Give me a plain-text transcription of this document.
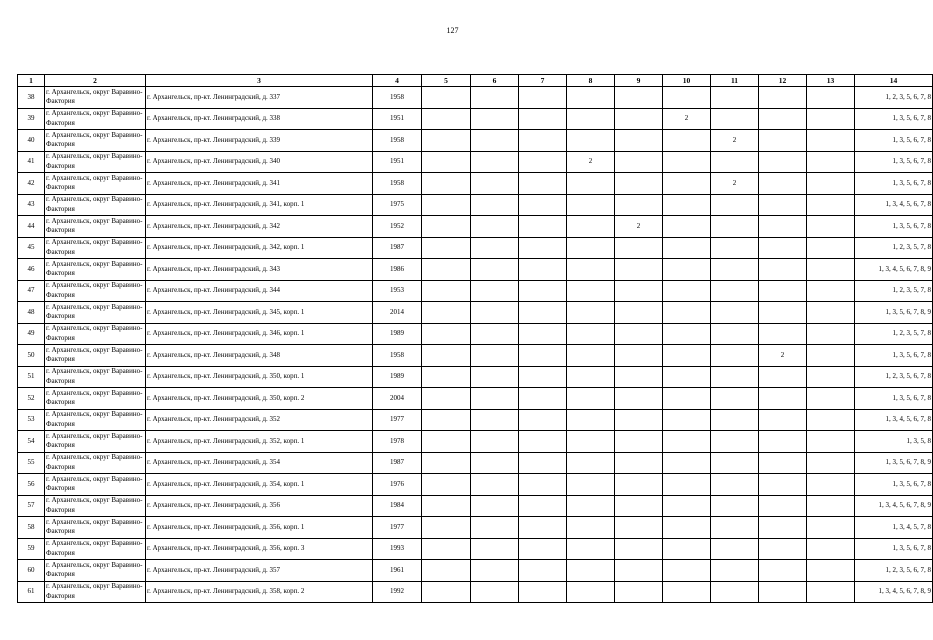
127
1	2	3	4	5	6	7	8	9	10	11	12	13	14
38	г. Архангельск, округ Варавино-Фактория	г. Архангельск, пр-кт. Ленинградский, д. 337	1958										1, 2, 3, 5, 6, 7, 8
39	г. Архангельск, округ Варавино-Фактория	г. Архангельск, пр-кт. Ленинградский, д. 338	1951						2				1, 3, 5, 6, 7, 8
40	г. Архангельск, округ Варавино-Фактория	г. Архангельск, пр-кт. Ленинградский, д. 339	1958							2			1, 3, 5, 6, 7, 8
41	г. Архангельск, округ Варавино-Фактория	г. Архангельск, пр-кт. Ленинградский, д. 340	1951				2						1, 3, 5, 6, 7, 8
42	г. Архангельск, округ Варавино-Фактория	г. Архангельск, пр-кт. Ленинградский, д. 341	1958							2			1, 3, 5, 6, 7, 8
43	г. Архангельск, округ Варавино-Фактория	г. Архангельск, пр-кт. Ленинградский, д. 341, корп. 1	1975										1, 3, 4, 5, 6, 7, 8
44	г. Архангельск, округ Варавино-Фактория	г. Архангельск, пр-кт. Ленинградский, д. 342	1952					2					1, 3, 5, 6, 7, 8
45	г. Архангельск, округ Варавино-Фактория	г. Архангельск, пр-кт. Ленинградский, д. 342, корп. 1	1987										1, 2, 3, 5, 7, 8
46	г. Архангельск, округ Варавино-Фактория	г. Архангельск, пр-кт. Ленинградский, д. 343	1986										1, 3, 4, 5, 6, 7, 8, 9
47	г. Архангельск, округ Варавино-Фактория	г. Архангельск, пр-кт. Ленинградский, д. 344	1953										1, 2, 3, 5, 7, 8
48	г. Архангельск, округ Варавино-Фактория	г. Архангельск, пр-кт. Ленинградский, д. 345, корп. 1	2014										1, 3, 5, 6, 7, 8, 9
49	г. Архангельск, округ Варавино-Фактория	г. Архангельск, пр-кт. Ленинградский, д. 346, корп. 1	1989										1, 2, 3, 5, 7, 8
50	г. Архангельск, округ Варавино-Фактория	г. Архангельск, пр-кт. Ленинградский, д. 348	1958								2		1, 3, 5, 6, 7, 8
51	г. Архангельск, округ Варавино-Фактория	г. Архангельск, пр-кт. Ленинградский, д. 350, корп. 1	1989										1, 2, 3, 5, 6, 7, 8
52	г. Архангельск, округ Варавино-Фактория	г. Архангельск, пр-кт. Ленинградский, д. 350, корп. 2	2004										1, 3, 5, 6, 7, 8
53	г. Архангельск, округ Варавино-Фактория	г. Архангельск, пр-кт. Ленинградский, д. 352	1977										1, 3, 4, 5, 6, 7, 8
54	г. Архангельск, округ Варавино-Фактория	г. Архангельск, пр-кт. Ленинградский, д. 352, корп. 1	1978										1, 3, 5, 8
55	г. Архангельск, округ Варавино-Фактория	г. Архангельск, пр-кт. Ленинградский, д. 354	1987										1, 3, 5, 6, 7, 8, 9
56	г. Архангельск, округ Варавино-Фактория	г. Архангельск, пр-кт. Ленинградский, д. 354, корп. 1	1976										1, 3, 5, 6, 7, 8
57	г. Архангельск, округ Варавино-Фактория	г. Архангельск, пр-кт. Ленинградский, д. 356	1984										1, 3, 4, 5, 6, 7, 8, 9
58	г. Архангельск, округ Варавино-Фактория	г. Архангельск, пр-кт. Ленинградский, д. 356, корп. 1	1977										1, 3, 4, 5, 7, 8
59	г. Архангельск, округ Варавино-Фактория	г. Архангельск, пр-кт. Ленинградский, д. 356, корп. 3	1993										1, 3, 5, 6, 7, 8
60	г. Архангельск, округ Варавино-Фактория	г. Архангельск, пр-кт. Ленинградский, д. 357	1961										1, 2, 3, 5, 6, 7, 8
61	г. Архангельск, округ Варавино-Фактория	г. Архангельск, пр-кт. Ленинградский, д. 358, корп. 2	1992										1, 3, 4, 5, 6, 7, 8, 9
